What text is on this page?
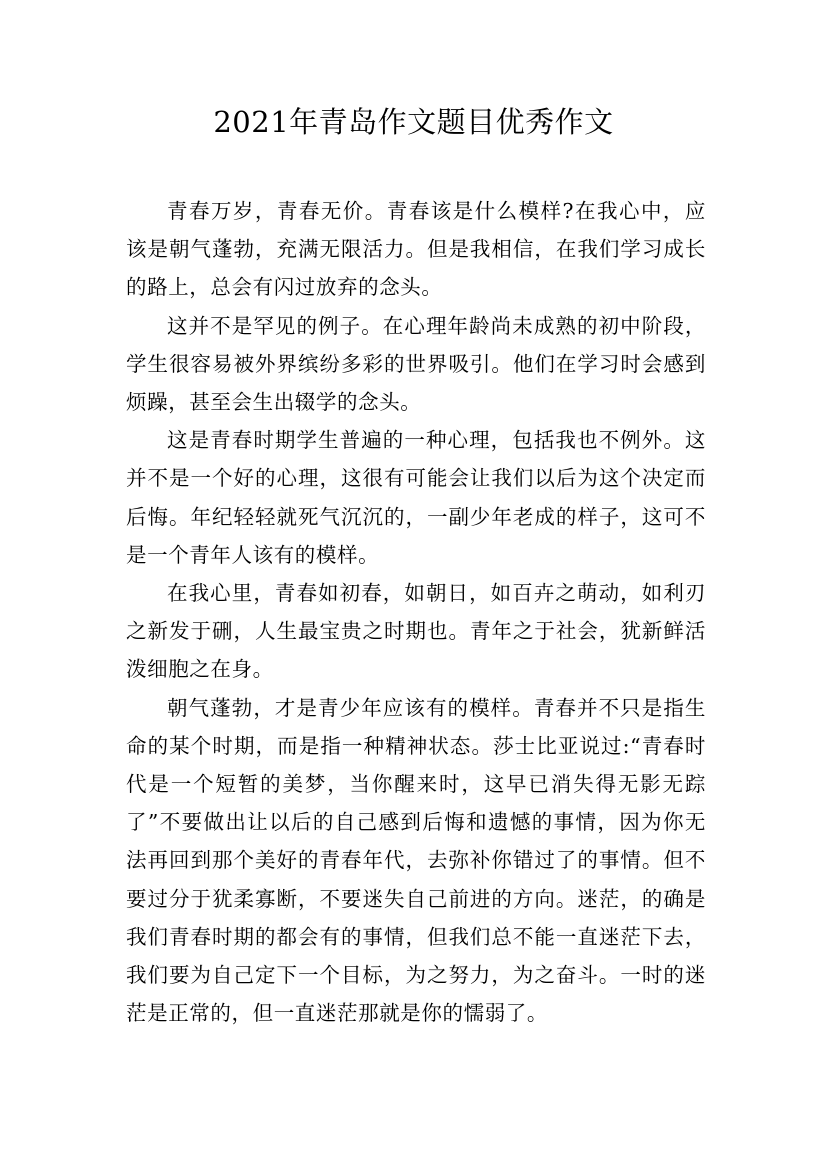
2021年青岛作文题目优秀作文

青春万岁，青春无价。青春该是什么模样?在我心中，应该是朝气蓬勃，充满无限活力。但是我相信，在我们学习成长的路上，总会有闪过放弃的念头。

这并不是罕见的例子。在心理年龄尚未成熟的初中阶段，学生很容易被外界缤纷多彩的世界吸引。他们在学习时会感到烦躁，甚至会生出辍学的念头。

这是青春时期学生普遍的一种心理，包括我也不例外。这并不是一个好的心理，这很有可能会让我们以后为这个决定而后悔。年纪轻轻就死气沉沉的，一副少年老成的样子，这可不是一个青年人该有的模样。

在我心里，青春如初春，如朝日，如百卉之萌动，如利刃之新发于硎，人生最宝贵之时期也。青年之于社会，犹新鲜活泼细胞之在身。

朝气蓬勃，才是青少年应该有的模样。青春并不只是指生命的某个时期，而是指一种精神状态。莎士比亚说过:“青春时代是一个短暂的美梦，当你醒来时，这早已消失得无影无踪了”不要做出让以后的自己感到后悔和遗憾的事情，因为你无法再回到那个美好的青春年代，去弥补你错过了的事情。但不要过分于犹柔寡断，不要迷失自己前进的方向。迷茫，的确是我们青春时期的都会有的事情，但我们总不能一直迷茫下去，我们要为自己定下一个目标，为之努力，为之奋斗。一时的迷茫是正常的，但一直迷茫那就是你的懦弱了。
